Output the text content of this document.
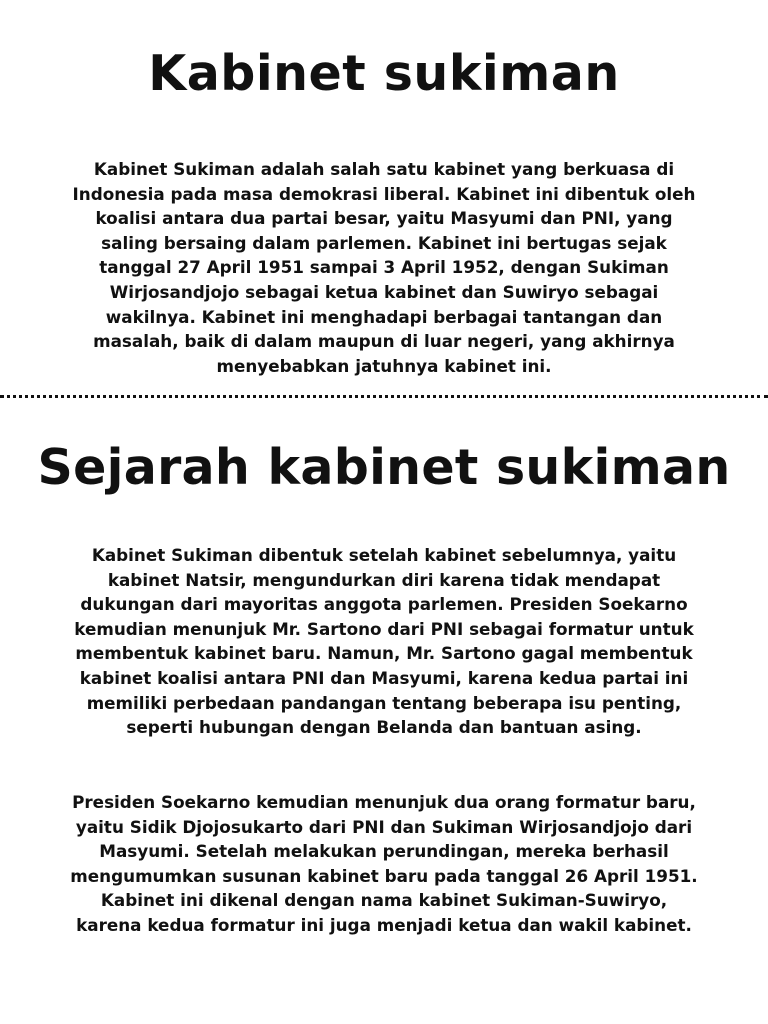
Kabinet sukiman

Kabinet Sukiman adalah salah satu kabinet yang berkuasa di Indonesia pada masa demokrasi liberal. Kabinet ini dibentuk oleh koalisi antara dua partai besar, yaitu Masyumi dan PNI, yang saling bersaing dalam parlemen. Kabinet ini bertugas sejak tanggal 27 April 1951 sampai 3 April 1952, dengan Sukiman Wirjosandjojo sebagai ketua kabinet dan Suwiryo sebagai wakilnya. Kabinet ini menghadapi berbagai tantangan dan masalah, baik di dalam maupun di luar negeri, yang akhirnya menyebabkan jatuhnya kabinet ini.

Sejarah kabinet sukiman

Kabinet Sukiman dibentuk setelah kabinet sebelumnya, yaitu kabinet Natsir, mengundurkan diri karena tidak mendapat dukungan dari mayoritas anggota parlemen. Presiden Soekarno kemudian menunjuk Mr. Sartono dari PNI sebagai formatur untuk membentuk kabinet baru. Namun, Mr. Sartono gagal membentuk kabinet koalisi antara PNI dan Masyumi, karena kedua partai ini memiliki perbedaan pandangan tentang beberapa isu penting, seperti hubungan dengan Belanda dan bantuan asing.

Presiden Soekarno kemudian menunjuk dua orang formatur baru, yaitu Sidik Djojosukarto dari PNI dan Sukiman Wirjosandjojo dari Masyumi. Setelah melakukan perundingan, mereka berhasil mengumumkan susunan kabinet baru pada tanggal 26 April 1951. Kabinet ini dikenal dengan nama kabinet Sukiman-Suwiryo, karena kedua formatur ini juga menjadi ketua dan wakil kabinet.
